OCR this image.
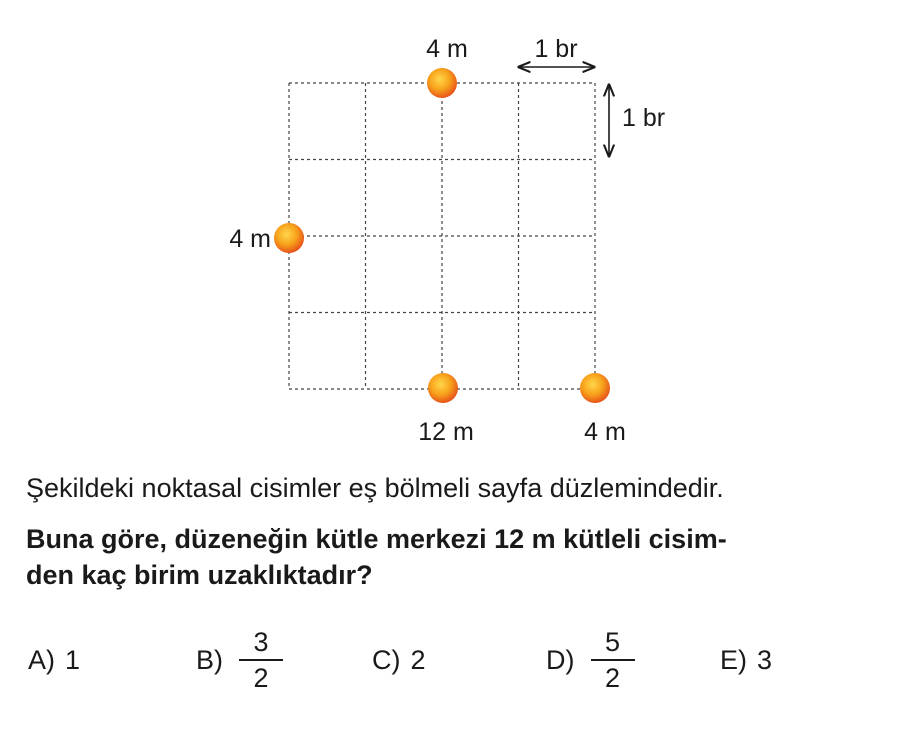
1 br
1 br
4 m
4 m
12 m	4 m
Şekildeki noktasal cisimler eş bölmeli sayfa düzlemindedir.
Buna göre, düzeneğin kütle merkezi 12 m kütleli cisim-
den kaç birim uzaklıktadır?
A) 1	$B) \frac{3}{2}$	C) 2	$D) \frac{5}{2}$	E) 3
